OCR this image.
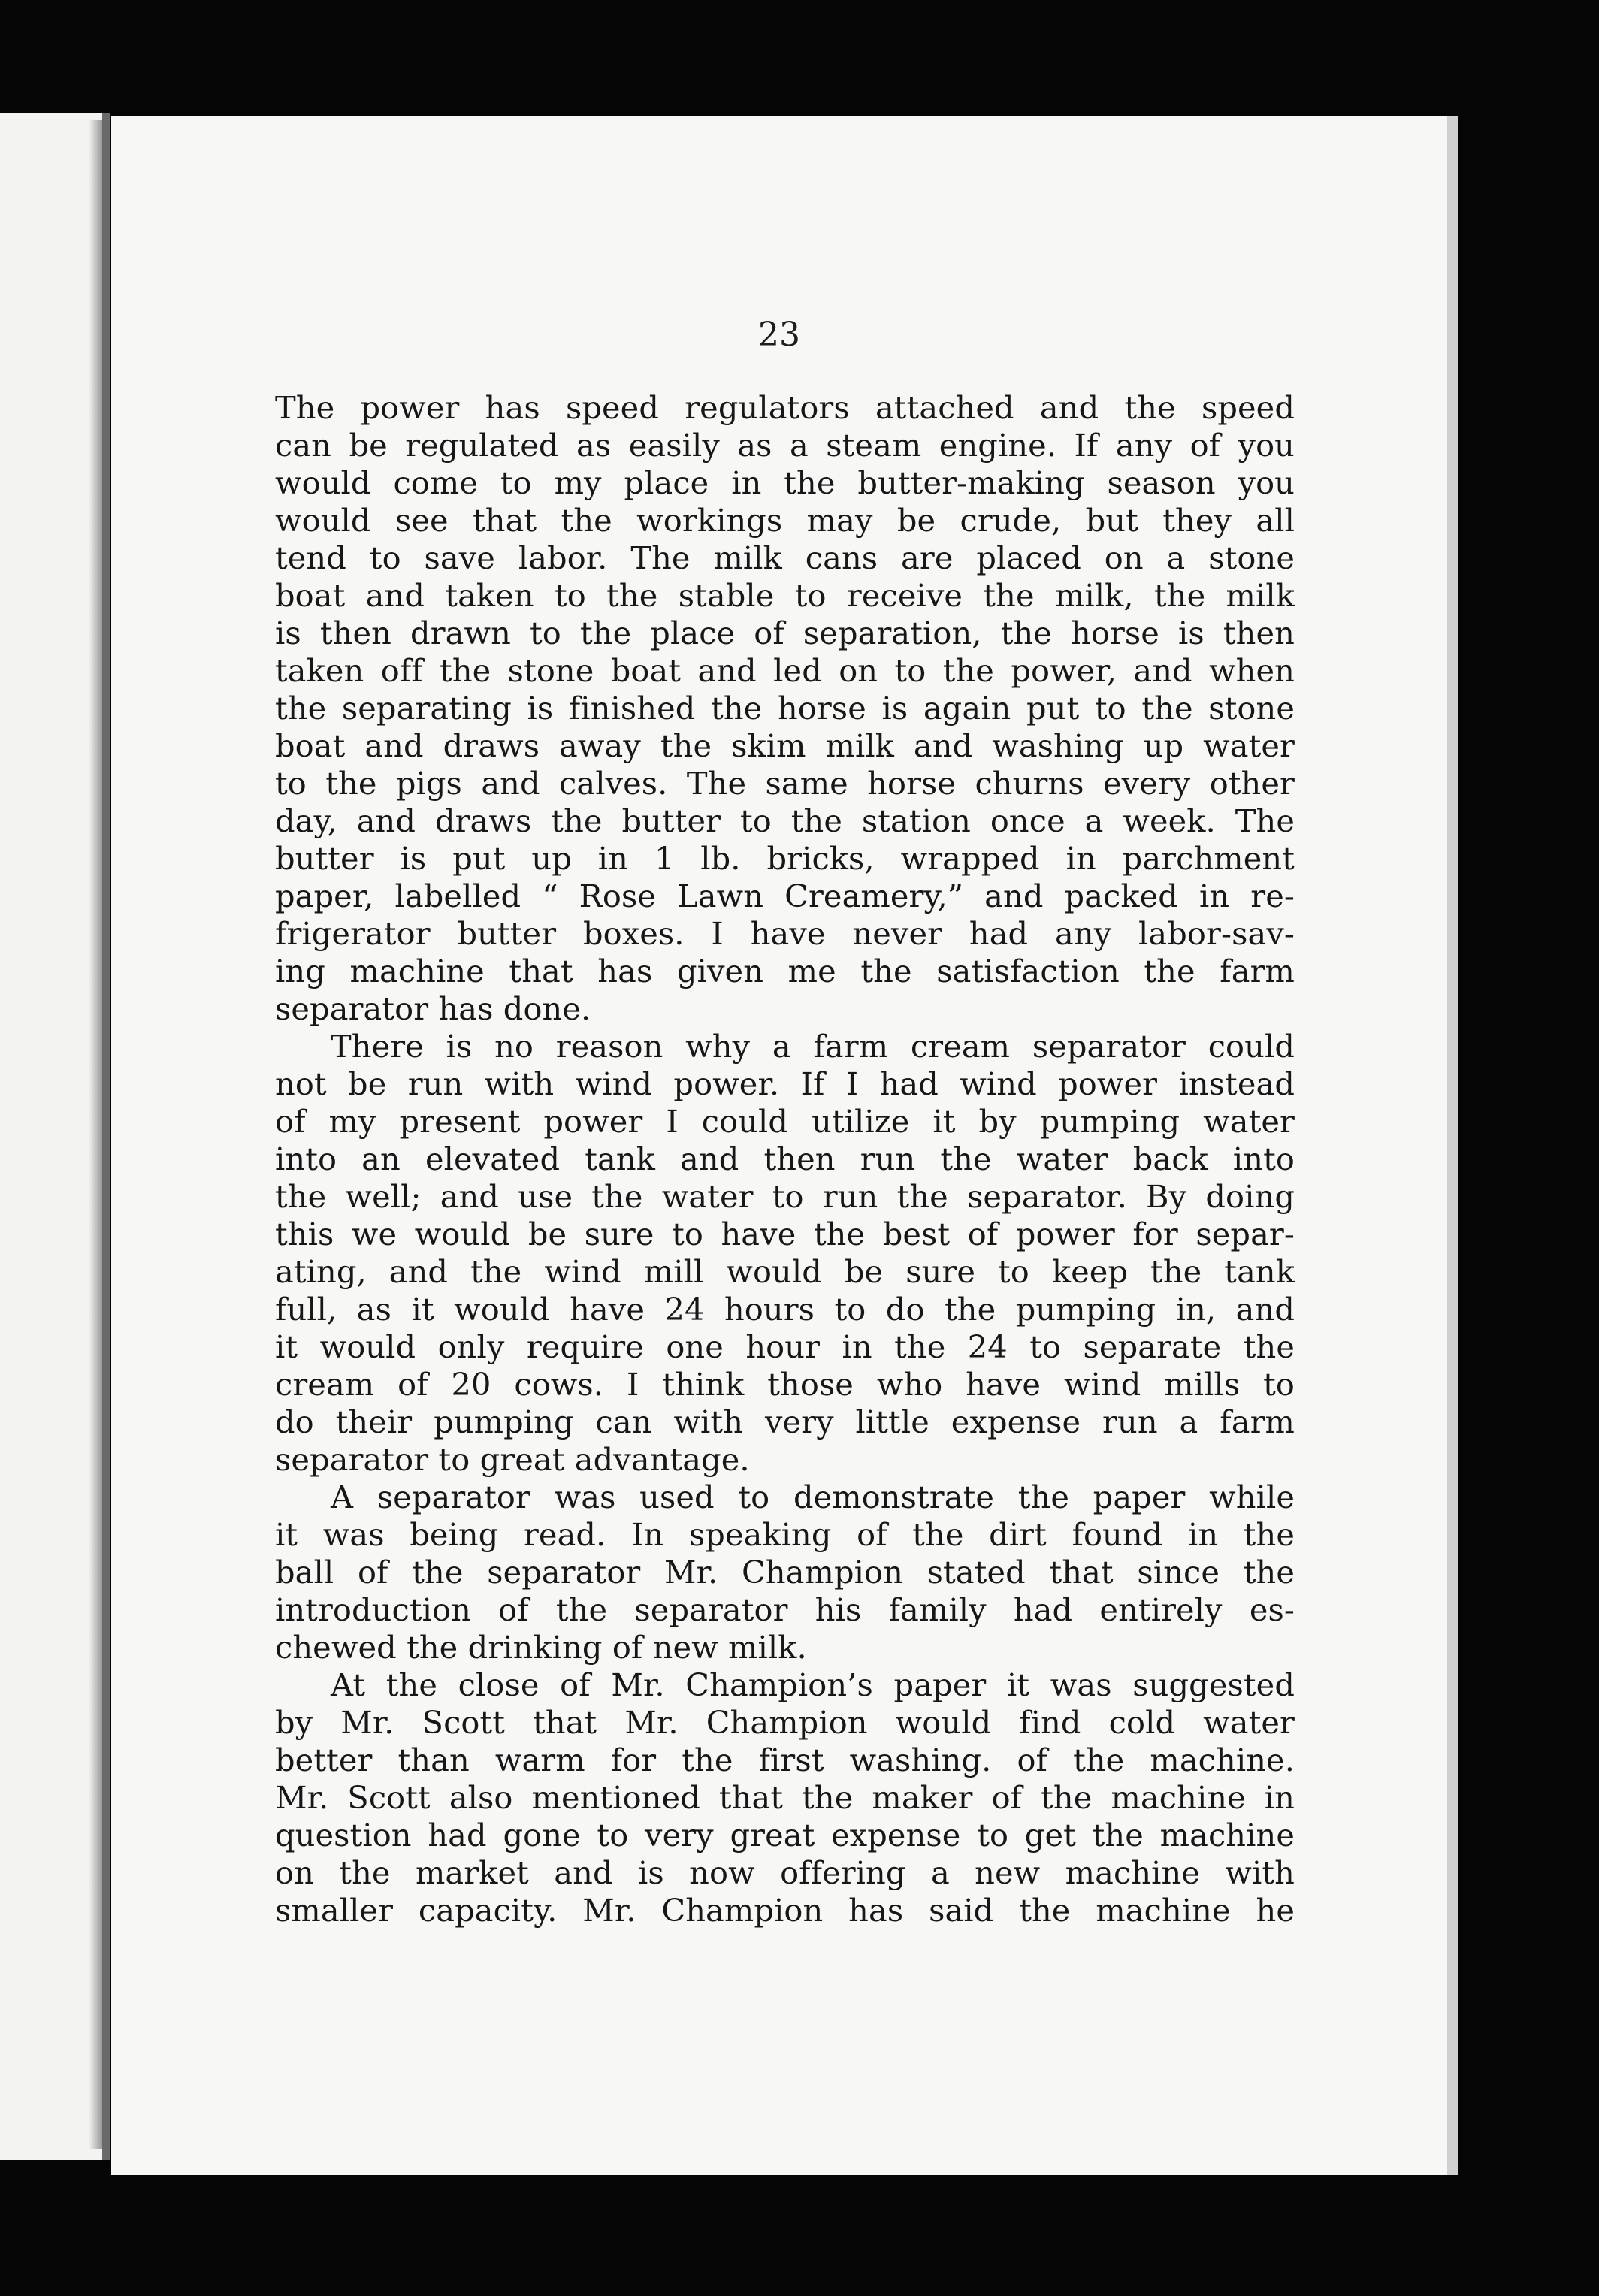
23
The power has speed regulators attached and the speed
can be regulated as easily as a steam engine. If any of you
would come to my place in the butter-making season you
would see that the workings may be crude, but they all
tend to save labor. The milk cans are placed on a stone
boat and taken to the stable to receive the milk, the milk
is then drawn to the place of separation, the horse is then
taken off the stone boat and led on to the power, and when
the separating is finished the horse is again put to the stone
boat and draws away the skim milk and washing up water
to the pigs and calves. The same horse churns every other
day, and draws the butter to the station once a week. The
butter is put up in 1 lb. bricks, wrapped in parchment
paper, labelled “ Rose Lawn Creamery,” and packed in re-
frigerator butter boxes. I have never had any labor-sav-
ing machine that has given me the satisfaction the farm
separator has done.
There is no reason why a farm cream separator could
not be run with wind power. If I had wind power instead
of my present power I could utilize it by pumping water
into an elevated tank and then run the water back into
the well; and use the water to run the separator. By doing
this we would be sure to have the best of power for separ-
ating, and the wind mill would be sure to keep the tank
full, as it would have 24 hours to do the pumping in, and
it would only require one hour in the 24 to separate the
cream of 20 cows. I think those who have wind mills to
do their pumping can with very little expense run a farm
separator to great advantage.
A separator was used to demonstrate the paper while
it was being read. In speaking of the dirt found in the
ball of the separator Mr. Champion stated that since the
introduction of the separator his family had entirely es-
chewed the drinking of new milk.
At the close of Mr. Champion’s paper it was suggested
by Mr. Scott that Mr. Champion would find cold water
better than warm for the first washing. of the machine.
Mr. Scott also mentioned that the maker of the machine in
question had gone to very great expense to get the machine
on the market and is now offering a new machine with
smaller capacity. Mr. Champion has said the machine he
